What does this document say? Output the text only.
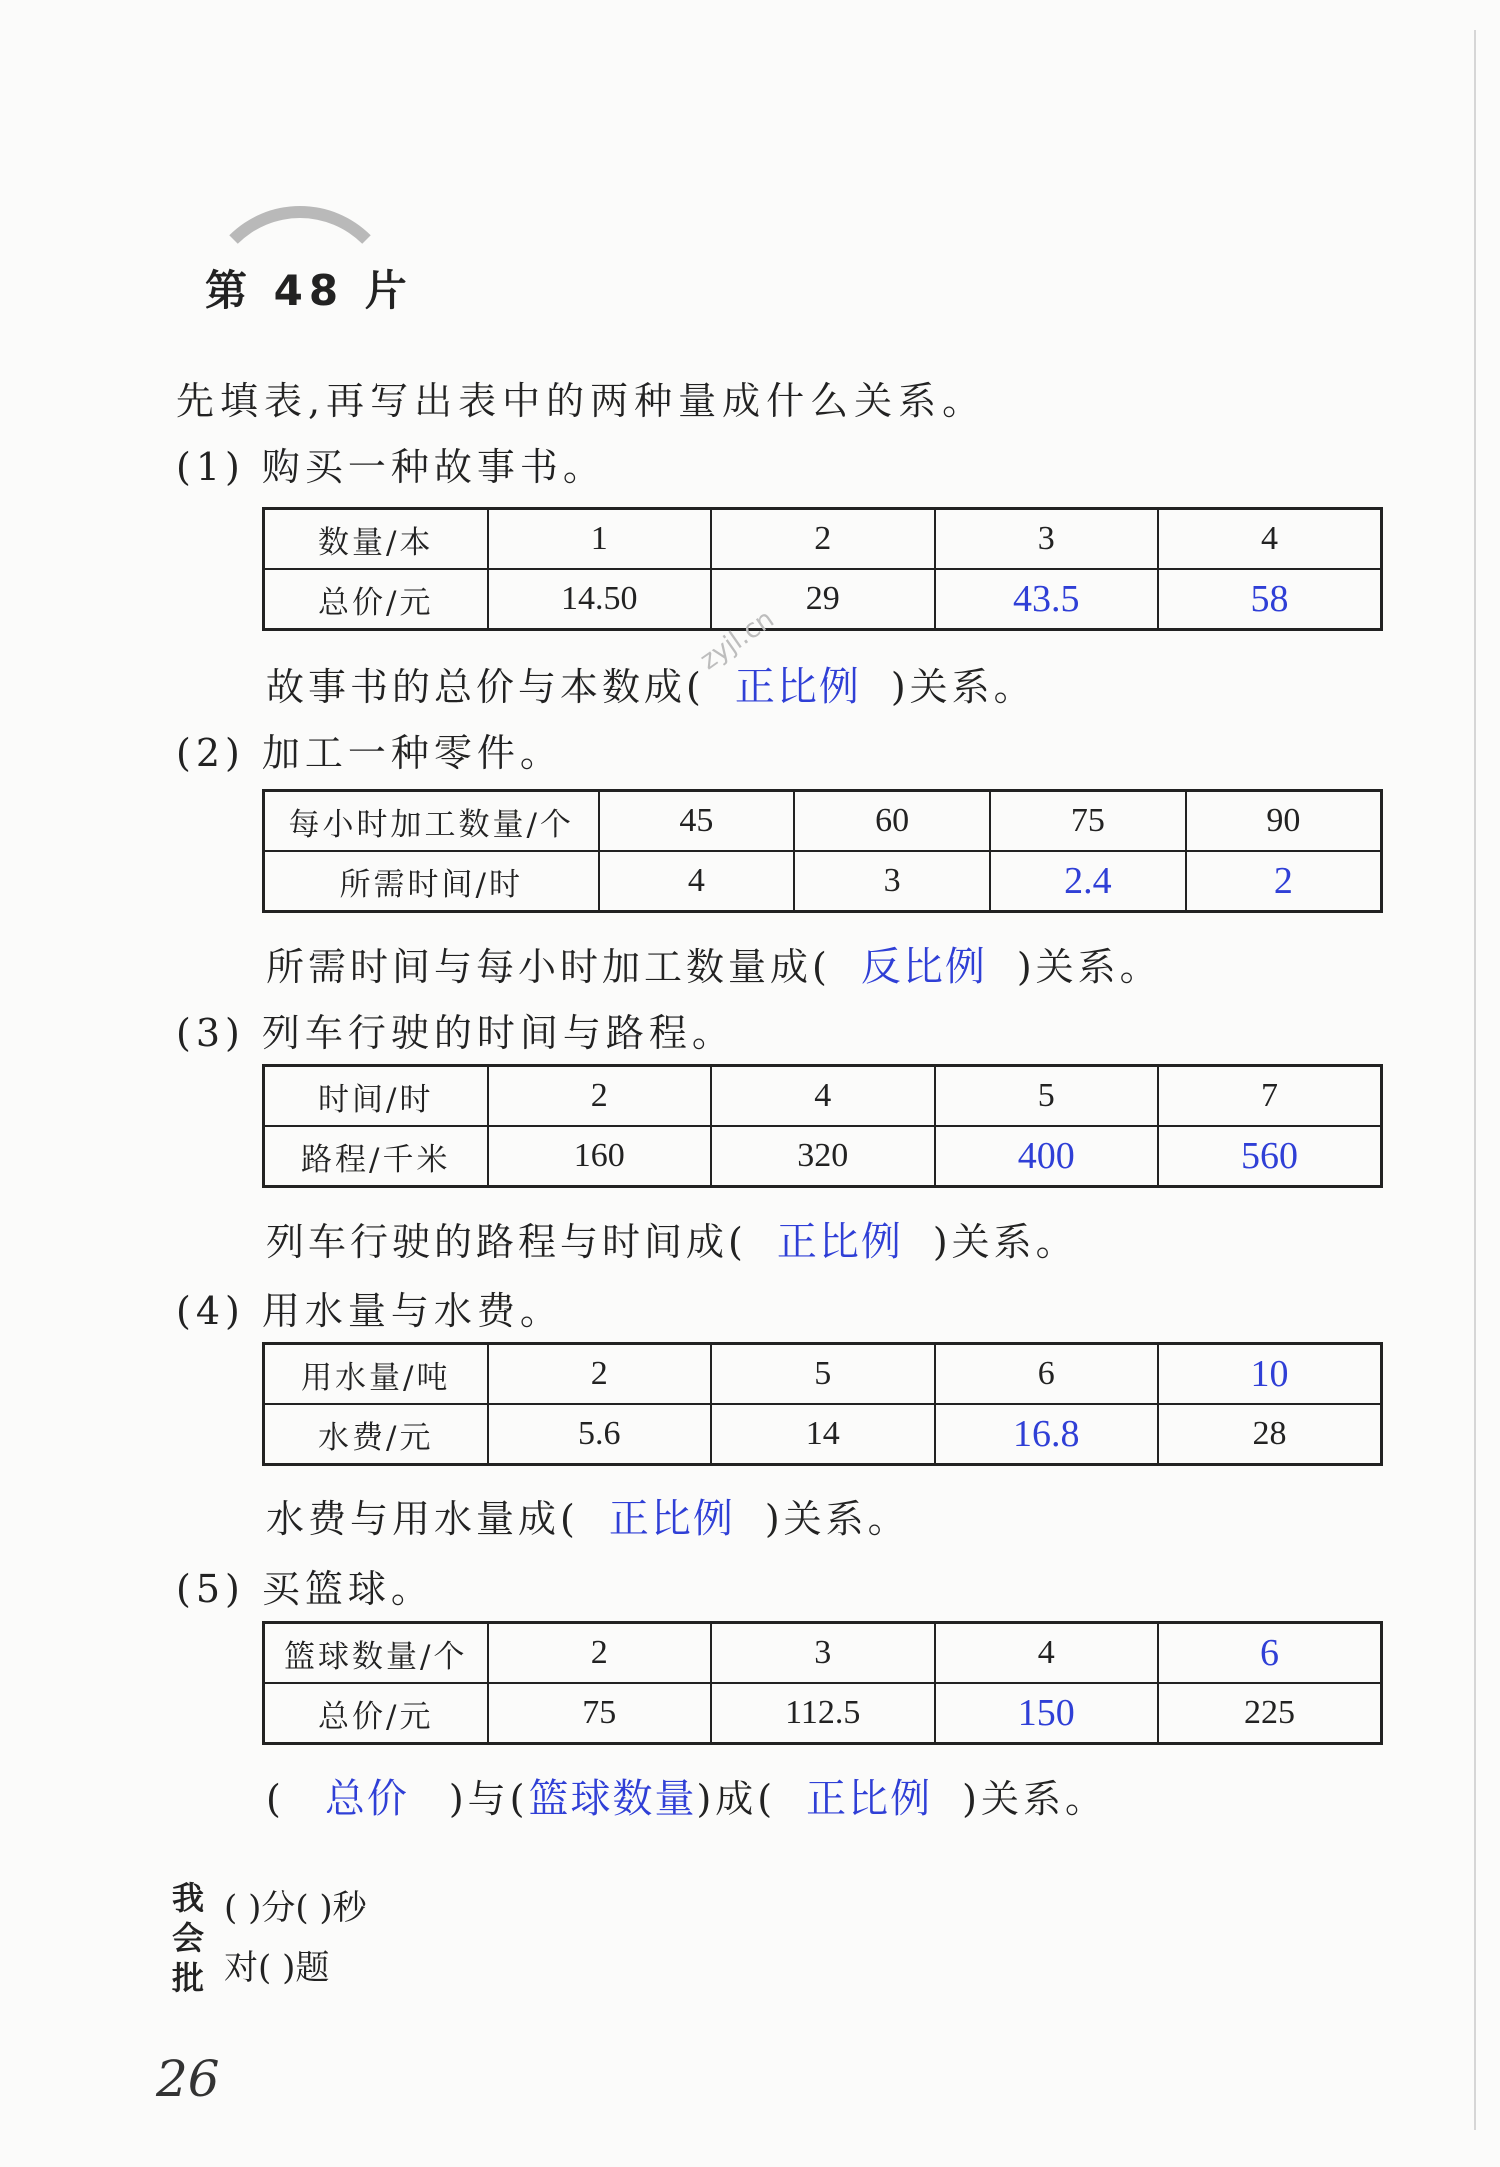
第 48 片
先填表,再写出表中的两种量成什么关系。
(1) 购买一种故事书。
数量/本	1	2	3	4
总价/元	14.50	29	43.5	58
故事书的总价与本数成( 正比例 )关系。
(2) 加工一种零件。
每小时加工数量/个	45	60	75	90
所需时间/时	4	3	2.4	2
所需时间与每小时加工数量成( 反比例 )关系。
(3) 列车行驶的时间与路程。
时间/时	2	4	5	7
路程/千米	160	320	400	560
列车行驶的路程与时间成( 正比例 )关系。
(4) 用水量与水费。
用水量/吨	2	5	6	10
水费/元	5.6	14	16.8	28
水费与用水量成( 正比例 )关系。
(5) 买篮球。
篮球数量/个	2	3	4	6
总价/元	75	112.5	150	225
( 总价 )与(篮球数量)成( 正比例 )关系。
zyjl.cn
我
会
批
( )分( )秒
对( )题
26
